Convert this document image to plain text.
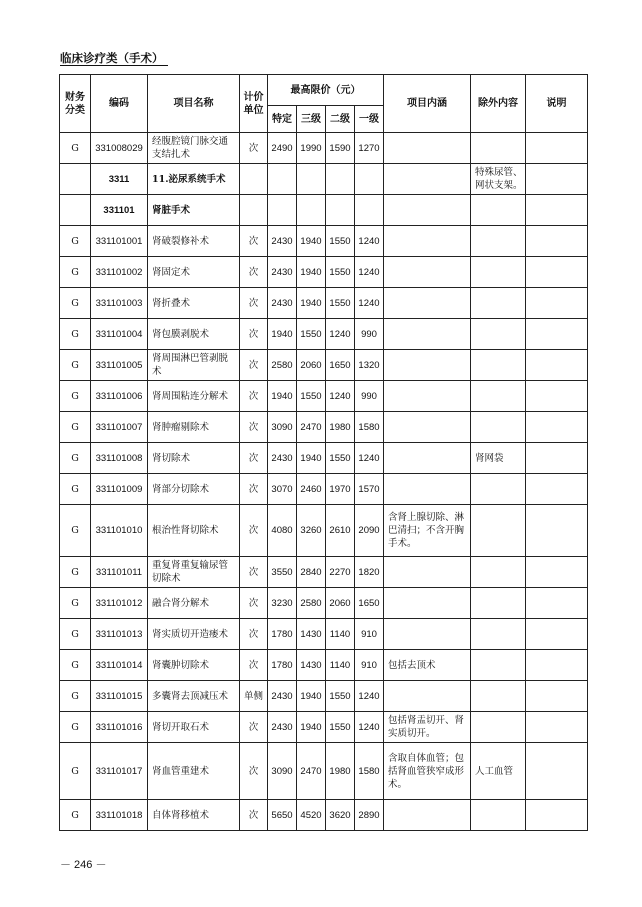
临床诊疗类（手术）
财务分类	编码	项目名称	计价单位	最高限价（元）				项目内涵	除外内容	说明
				特定	三级	二级	一级			
G	331008029	经腹腔镜门脉交通支结扎术	次	2490	1990	1590	1270			
	3311	11.泌尿系统手术							特殊尿管、网状支架。	
	331101	肾脏手术								
G	331101001	肾破裂修补术	次	2430	1940	1550	1240			
G	331101002	肾固定术	次	2430	1940	1550	1240			
G	331101003	肾折叠术	次	2430	1940	1550	1240			
G	331101004	肾包膜剥脱术	次	1940	1550	1240	990			
G	331101005	肾周围淋巴管剥脱术	次	2580	2060	1650	1320			
G	331101006	肾周围粘连分解术	次	1940	1550	1240	990			
G	331101007	肾肿瘤剔除术	次	3090	2470	1980	1580			
G	331101008	肾切除术	次	2430	1940	1550	1240		肾网袋	
G	331101009	肾部分切除术	次	3070	2460	1970	1570			
G	331101010	根治性肾切除术	次	4080	3260	2610	2090	含肾上腺切除、淋巴清扫；不含开胸手术。		
G	331101011	重复肾重复输尿管切除术	次	3550	2840	2270	1820			
G	331101012	融合肾分解术	次	3230	2580	2060	1650			
G	331101013	肾实质切开造瘘术	次	1780	1430	1140	910			
G	331101014	肾囊肿切除术	次	1780	1430	1140	910	包括去顶术		
G	331101015	多囊肾去顶减压术	单侧	2430	1940	1550	1240			
G	331101016	肾切开取石术	次	2430	1940	1550	1240	包括肾盂切开、肾实质切开。		
G	331101017	肾血管重建术	次	3090	2470	1980	1580	含取自体血管；包括肾血管狭窄成形术。	人工血管	
G	331101018	自体肾移植术	次	5650	4520	3620	2890			
－ 246 －
